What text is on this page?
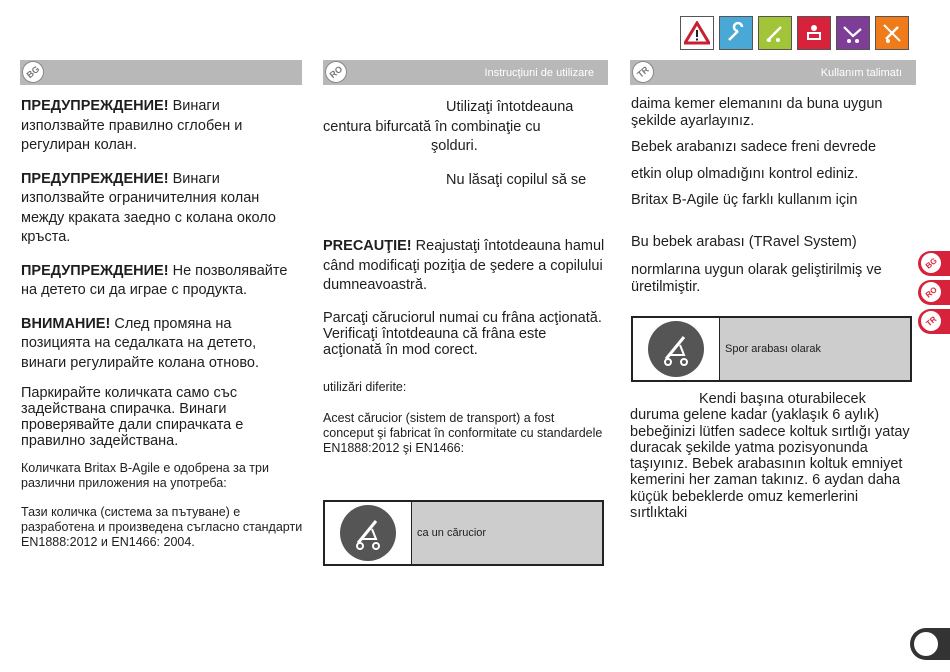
BG

ПРЕДУПРЕЖДЕНИЕ! Винаги използвайте правилно сглобен и регулиран колан.

ПРЕДУПРЕЖДЕНИЕ! Винаги използвайте ограничителния колан между краката заедно с колана около кръста.

ПРЕДУПРЕЖДЕНИЕ! Не позволявайте на детето си да играе с продукта.

ВНИМАНИЕ! След промяна на позицията на седалката на детето, винаги регулирайте колана отново.

Паркирайте количката само със задействана спирачка. Винаги проверявайте дали спирачката е правилно задействана.

Количката Britax B-Agile е одобрена за три различни приложения на употреба:

Тази количка (система за пътуване) е разработена и произведена съгласно стандарти EN1888:2012 и EN1466: 2004.

RO	Instrucţiuni de utilizare

Utilizaţi întotdeauna

centura bifurcată în combinaţie cu

şolduri.

Nu lăsaţi copilul să se

PRECAUŢIE! Reajustaţi întotdeauna hamul când modificaţi poziţia de şedere a copilului dumneavoastră.

Parcaţi căruciorul numai cu frâna acţionată. Verificaţi întotdeauna că frâna este acţionată în mod corect.

utilizări diferite:

Acest cărucior (sistem de transport) a fost conceput şi fabricat în conformitate cu standardele EN1888:2012 şi EN1466:

ca un cărucior
TR	Kullanım talimatı

daima kemer elemanını da buna uygun şekilde ayarlayınız.

Bebek arabanızı sadece freni devrede

etkin olup olmadığını kontrol ediniz.

Britax B-Agile üç farklı kullanım için

Bu bebek arabası (TRavel System)

normlarına uygun olarak geliştirilmiş ve üretilmiştir.

Spor arabası olarak

Kendi başına oturabilecek

duruma gelene kadar (yaklaşık 6 aylık) bebeğinizi lütfen sadece koltuk sırtlığı yatay duracak şekilde yatma pozisyonunda taşıyınız. Bebek arabasının koltuk emniyet kemerini her zaman takınız. 6 aydan daha küçük bebeklerde omuz kemerlerini sırtlıktaki

BG
RO
TR
